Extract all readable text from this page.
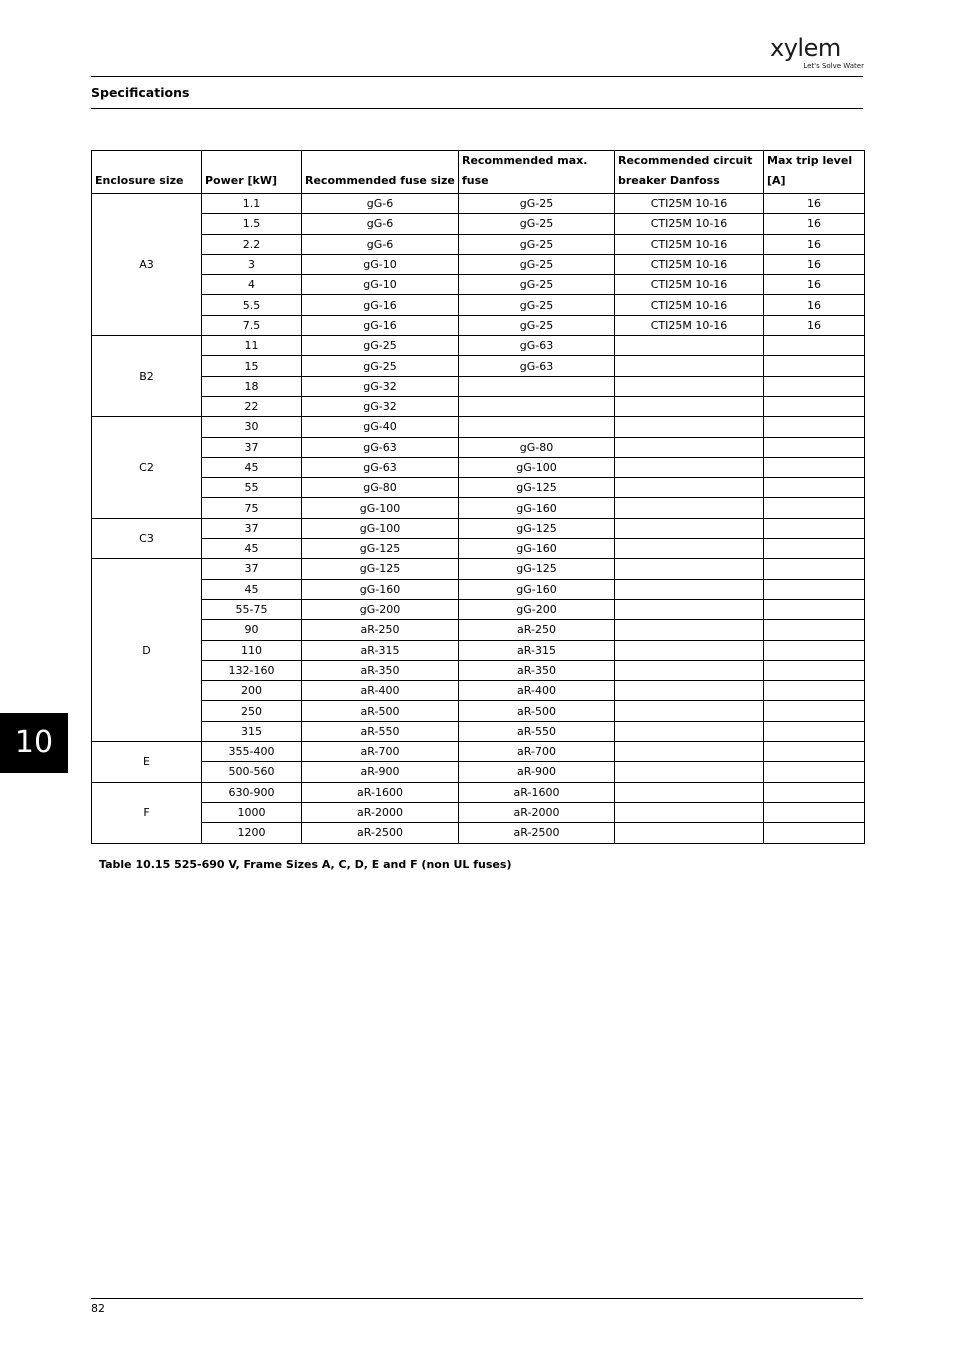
xylem
Let's Solve Water
Specifications
Enclosure size	Power [kW]	Recommended fuse size	Recommended max. fuse	Recommended circuit breaker Danfoss	Max trip level [A]
A3	1.1	gG-6	gG-25	CTI25M 10-16	16
	1.5	gG-6	gG-25	CTI25M 10-16	16
	2.2	gG-6	gG-25	CTI25M 10-16	16
	3	gG-10	gG-25	CTI25M 10-16	16
	4	gG-10	gG-25	CTI25M 10-16	16
	5.5	gG-16	gG-25	CTI25M 10-16	16
	7.5	gG-16	gG-25	CTI25M 10-16	16
B2	11	gG-25	gG-63		
	15	gG-25	gG-63		
	18	gG-32			
	22	gG-32			
C2	30	gG-40			
	37	gG-63	gG-80		
	45	gG-63	gG-100		
	55	gG-80	gG-125		
	75	gG-100	gG-160		
C3	37	gG-100	gG-125		
	45	gG-125	gG-160		
D	37	gG-125	gG-125		
	45	gG-160	gG-160		
	55-75	gG-200	gG-200		
	90	aR-250	aR-250		
	110	aR-315	aR-315		
	132-160	aR-350	aR-350		
	200	aR-400	aR-400		
	250	aR-500	aR-500		
	315	aR-550	aR-550		
E	355-400	aR-700	aR-700		
	500-560	aR-900	aR-900		
F	630-900	aR-1600	aR-1600		
	1000	aR-2000	aR-2000		
	1200	aR-2500	aR-2500		
Table 10.15 525-690 V, Frame Sizes A, C, D, E and F (non UL fuses)
10
82
